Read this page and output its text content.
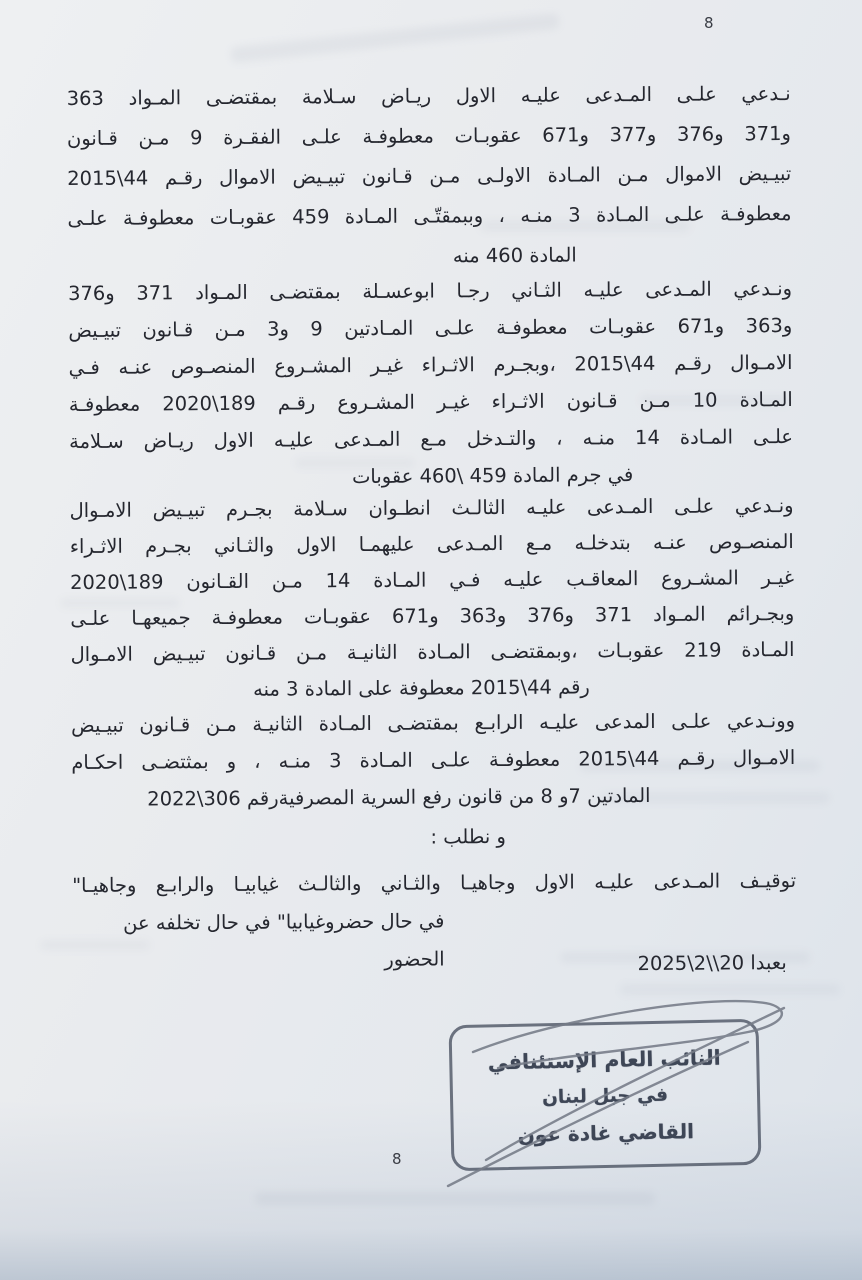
8
نـدعي علـى المـدعى عليـه الاول ريـاض سـلامة بمقتضـى المـواد 363
و371 و376 و377 و671 عقوبـات معطوفـة علـى الفقـرة 9 مـن قـانون
تبيـيض الاموال مـن المـادة الاولـى مـن قـانون تبيـيض الاموال رقـم 44\2015
معطوفـة علـى المـادة 3 منـه ، وببمقتّـى المـادة 459 عقوبـات معطوفـة علـى
المادة 460 منه
ونـدعي المـدعى عليـه الثـاني رجـا ابوعسـلة بمقتضـى المـواد 371 و376
و363 و671 عقوبـات معطوفـة علـى المـادتين 9 و3 مـن قـانون تبيـيض
الامـوال رقـم 44\2015 ،وبجـرم الاثـراء غيـر المشـروع المنصـوص عنـه فـي
المـادة 10 مـن قـانون الاثـراء غيـر المشـروع رقـم 189\2020 معطوفـة
علـى المـادة 14 منـه ، والتـدخل مـع المـدعى عليـه الاول ريـاض سـلامة
في جرم المادة 459 \460 عقوبات
ونـدعي علـى المـدعى عليـه الثالـث انطـوان سـلامة بجـرم تبيـيض الامـوال
المنصـوص عنـه بتدخلـه مـع المـدعى عليهمـا الاول والثـاني بجـرم الاثـراء
غيـر المشـروع المعاقـب عليـه فـي المـادة 14 مـن القـانون 189\2020
وبجـرائم المـواد 371 و376 و363 و671 عقوبـات معطوفـة جميعهـا علـى
المـادة 219 عقوبـات ،وبمقتضـى المـادة الثانيـة مـن قـانون تبيـيض الامـوال
رقم 44\2015 معطوفة على المادة 3 منه
وونـدعي علـى المدعى عليـه الرابـع بمقتضـى المـادة الثانيـة مـن قـانون تبيـيض
الامـوال رقـم 44\2015 معطوفـة علـى المـادة 3 منـه ، و بمثتضـى احكـام
المادتين 7و 8 من قانون رفع السرية المصرفيةرقم 306\2022
و نطلب :
توقيـف المـدعى عليـه الاول وجاهيـا والثـاني والثالـث غيابيـا والرابـع وجاهيـا"
في حال حضروغيابيا" في حال تخلفه عن الحضور	بعبدا 20\\2\2025
النائب العام الإستئنافي
في جبل لبنان
القاضي غادة عون
8
